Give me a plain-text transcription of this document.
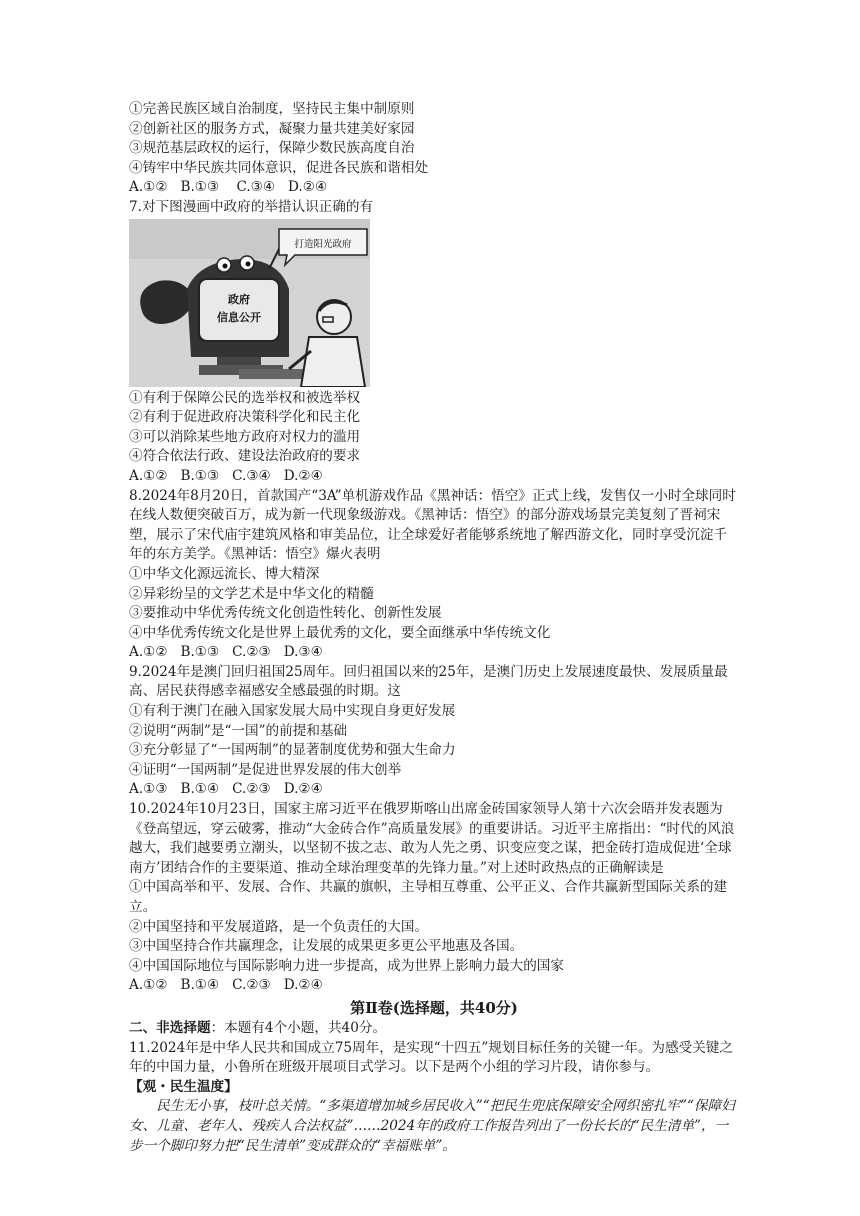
①完善民族区域自治制度，坚持民主集中制原则
②创新社区的服务方式，凝聚力量共建美好家园
③规范基层政权的运行，保障少数民族高度自治
④铸牢中华民族共同体意识，促进各民族和谐相处
A.①②   B.①③    C.③④   D.②④
7.对下图漫画中政府的举措认识正确的有
打造阳光政府
政府
信息公开
①有利于保障公民的选举权和被选举权
②有利于促进政府决策科学化和民主化
③可以消除某些地方政府对权力的滥用
④符合依法行政、建设法治政府的要求
A.①②   B.①③   C.③④   D.②④
8.2024年8月20日，首款国产“3A”单机游戏作品《黑神话：悟空》正式上线，发售仅一小时全球同时在线人数便突破百万，成为新一代现象级游戏。《黑神话：悟空》的部分游戏场景完美复刻了晋祠宋塑，展示了宋代庙宇建筑风格和审美品位，让全球爱好者能够系统地了解西游文化，同时享受沉淀千年的东方美学。《黑神话：悟空》爆火表明
①中华文化源远流长、博大精深
②异彩纷呈的文学艺术是中华文化的精髓
③要推动中华优秀传统文化创造性转化、创新性发展
④中华优秀传统文化是世界上最优秀的文化，要全面继承中华传统文化
A.①②   B.①③   C.②③   D.③④
9.2024年是澳门回归祖国25周年。回归祖国以来的25年，是澳门历史上发展速度最快、发展质量最高、居民获得感幸福感安全感最强的时期。这
①有利于澳门在融入国家发展大局中实现自身更好发展
②说明“两制”是“一国”的前提和基础
③充分彰显了“一国两制”的显著制度优势和强大生命力
④证明“一国两制”是促进世界发展的伟大创举
A.①③   B.①④   C.②③   D.②④
10.2024年10月23日，国家主席习近平在俄罗斯喀山出席金砖国家领导人第十六次会晤并发表题为《登高望远，穿云破雾，推动“大金砖合作”高质量发展》的重要讲话。习近平主席指出：“时代的风浪越大，我们越要勇立潮头，以坚韧不拔之志、敢为人先之勇、识变应变之谋，把金砖打造成促进‘全球南方’团结合作的主要渠道、推动全球治理变革的先锋力量。”对上述时政热点的正确解读是
①中国高举和平、发展、合作、共赢的旗帜，主导相互尊重、公平正义、合作共赢新型国际关系的建立。
②中国坚持和平发展道路，是一个负责任的大国。
③中国坚持合作共赢理念，让发展的成果更多更公平地惠及各国。
④中国国际地位与国际影响力进一步提高，成为世界上影响力最大的国家
A.①②   B.①④   C.②③   D.②④
第Ⅱ卷(选择题，共40分)
二、非选择题：本题有4个小题，共40分。
11.2024年是中华人民共和国成立75周年，是实现“十四五”规划目标任务的关键一年。为感受关键之年的中国力量，小鲁所在班级开展项目式学习。以下是两个小组的学习片段，请你参与。
【观・民生温度】
民生无小事，枝叶总关情。“多渠道增加城乡居民收入”“把民生兜底保障安全网织密扎牢”“保障妇女、儿童、老年人、残疾人合法权益”……2024年的政府工作报告列出了一份长长的“民生清单”，一步一个脚印努力把“民生清单”变成群众的“幸福账单”。
